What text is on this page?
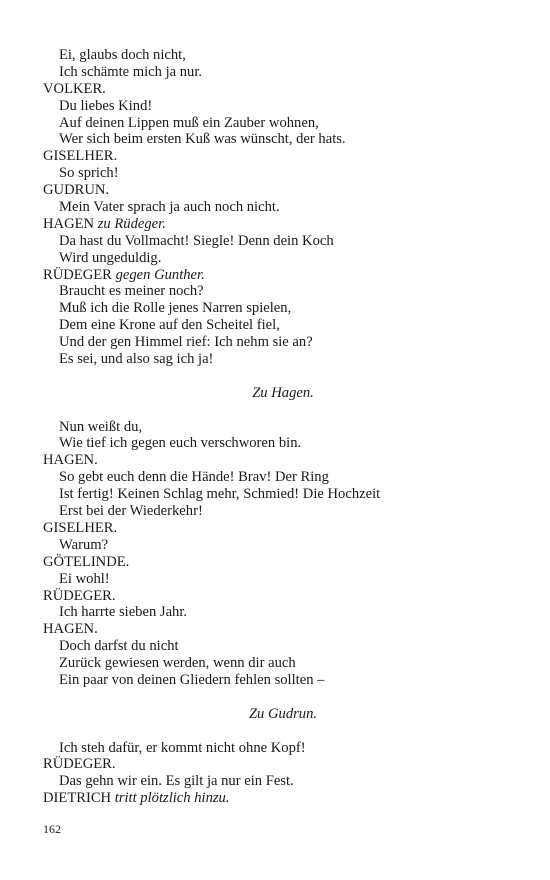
Ei, glaubs doch nicht,
Ich schämte mich ja nur.
VOLKER.
Du liebes Kind!
Auf deinen Lippen muß ein Zauber wohnen,
Wer sich beim ersten Kuß was wünscht, der hats.
GISELHER.
So sprich!
GUDRUN.
Mein Vater sprach ja auch noch nicht.
HAGEN zu Rüdeger.
Da hast du Vollmacht! Siegle! Denn dein Koch
Wird ungeduldig.
RÜDEGER gegen Gunther.
Braucht es meiner noch?
Muß ich die Rolle jenes Narren spielen,
Dem eine Krone auf den Scheitel fiel,
Und der gen Himmel rief: Ich nehm sie an?
Es sei, und also sag ich ja!
Zu Hagen.
Nun weißt du,
Wie tief ich gegen euch verschworen bin.
HAGEN.
So gebt euch denn die Hände! Brav! Der Ring
Ist fertig! Keinen Schlag mehr, Schmied! Die Hochzeit
Erst bei der Wiederkehr!
GISELHER.
Warum?
GÖTELINDE.
Ei wohl!
RÜDEGER.
Ich harrte sieben Jahr.
HAGEN.
Doch darfst du nicht
Zurück gewiesen werden, wenn dir auch
Ein paar von deinen Gliedern fehlen sollten –
Zu Gudrun.
Ich steh dafür, er kommt nicht ohne Kopf!
RÜDEGER.
Das gehn wir ein. Es gilt ja nur ein Fest.
DIETRICH tritt plötzlich hinzu.
162
